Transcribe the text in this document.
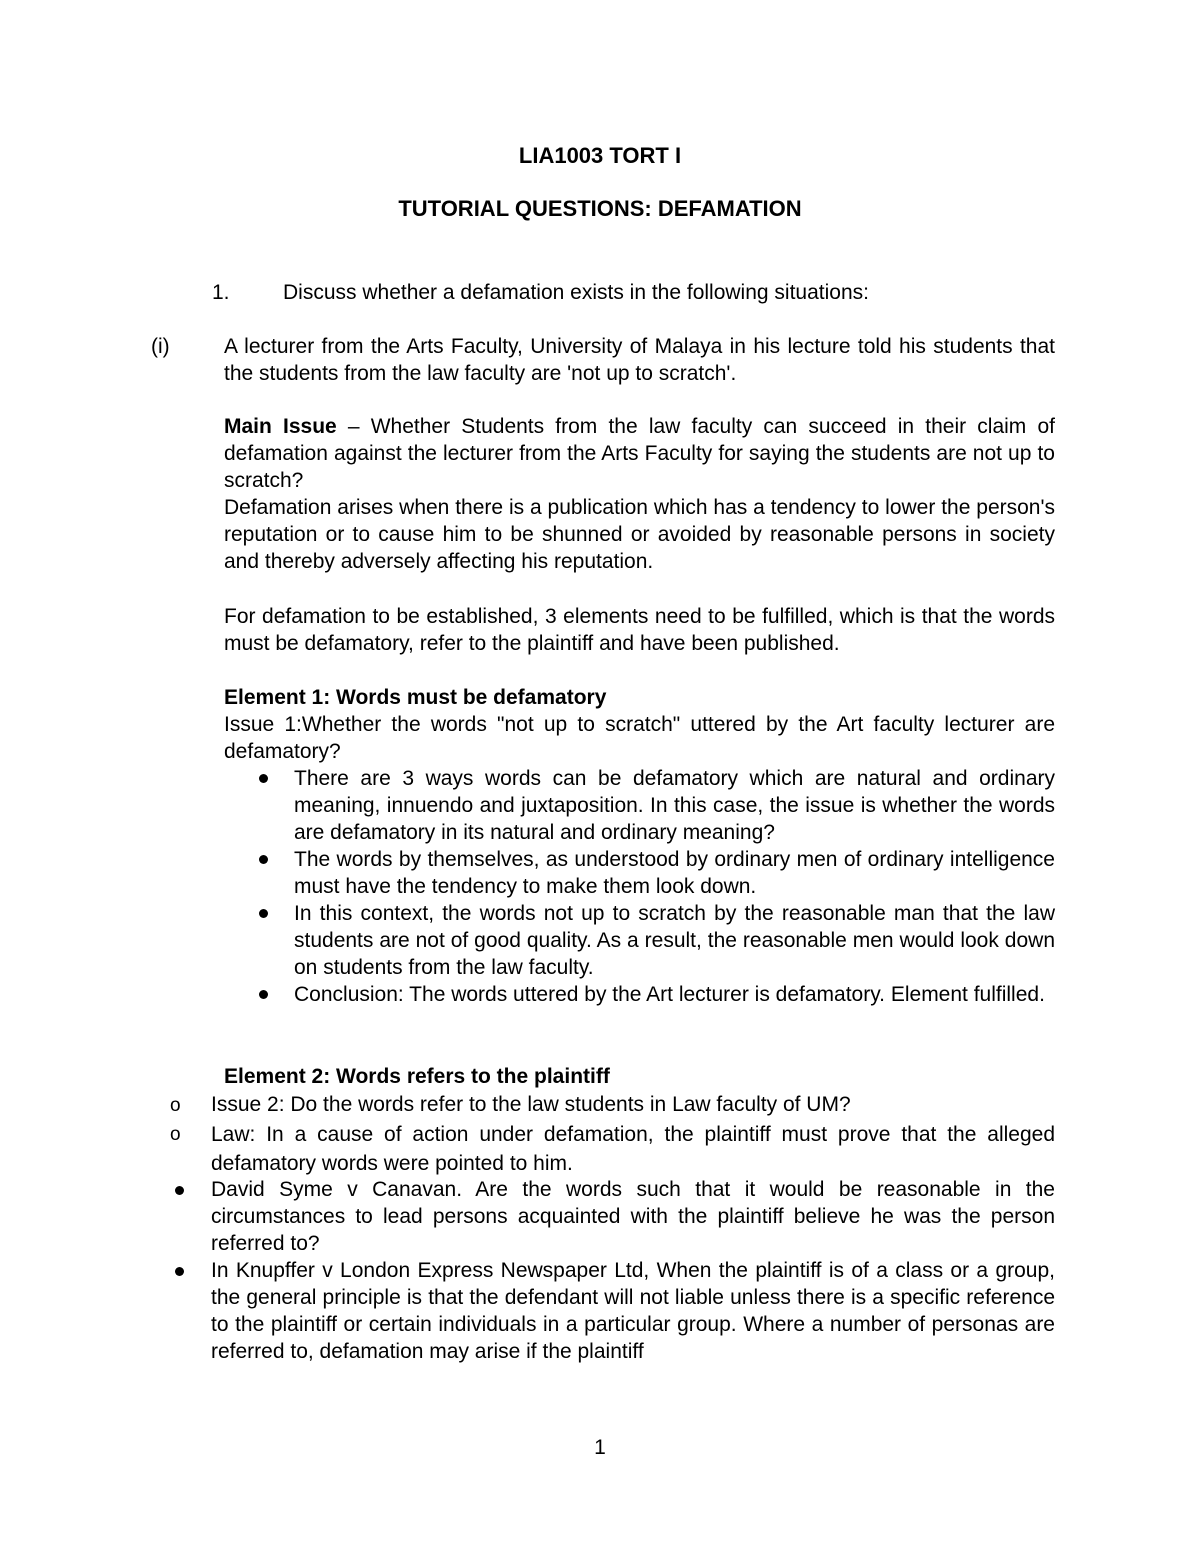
LIA1003 TORT I
TUTORIAL QUESTIONS: DEFAMATION
1.	Discuss whether a defamation exists in the following situations:
(i)	A lecturer from the Arts Faculty, University of Malaya in his lecture told his students that the students from the law faculty are 'not up to scratch'.
Main Issue – Whether Students from the law faculty can succeed in their claim of defamation against the lecturer from the Arts Faculty for saying the students are not up to scratch?
Defamation arises when there is a publication which has a tendency to lower the person's reputation or to cause him to be shunned or avoided by reasonable persons in society and thereby adversely affecting his reputation.
For defamation to be established, 3 elements need to be fulfilled, which is that the words must be defamatory, refer to the plaintiff and have been published.
Element 1: Words must be defamatory
Issue 1:Whether the words "not up to scratch" uttered by the Art faculty lecturer are defamatory?
There are 3 ways words can be defamatory which are natural and ordinary meaning, innuendo and juxtaposition. In this case, the issue is whether the words are defamatory in its natural and ordinary meaning?
The words by themselves, as understood by ordinary men of ordinary intelligence must have the tendency to make them look down.
In this context, the words not up to scratch by the reasonable man that the law students are not of good quality. As a result, the reasonable men would look down on students from the law faculty.
Conclusion: The words uttered by the Art lecturer is defamatory. Element fulfilled.
Element 2: Words refers to the plaintiff
o Issue 2: Do the words refer to the law students in Law faculty of UM?
o Law: In a cause of action under defamation, the plaintiff must prove that the alleged defamatory words were pointed to him.
David Syme v Canavan. Are the words such that it would be reasonable in the circumstances to lead persons acquainted with the plaintiff believe he was the person referred to?
In Knupffer v London Express Newspaper Ltd, When the plaintiff is of a class or a group, the general principle is that the defendant will not liable unless there is a specific reference to the plaintiff or certain individuals in a particular group. Where a number of personas are referred to, defamation may arise if the plaintiff
1
